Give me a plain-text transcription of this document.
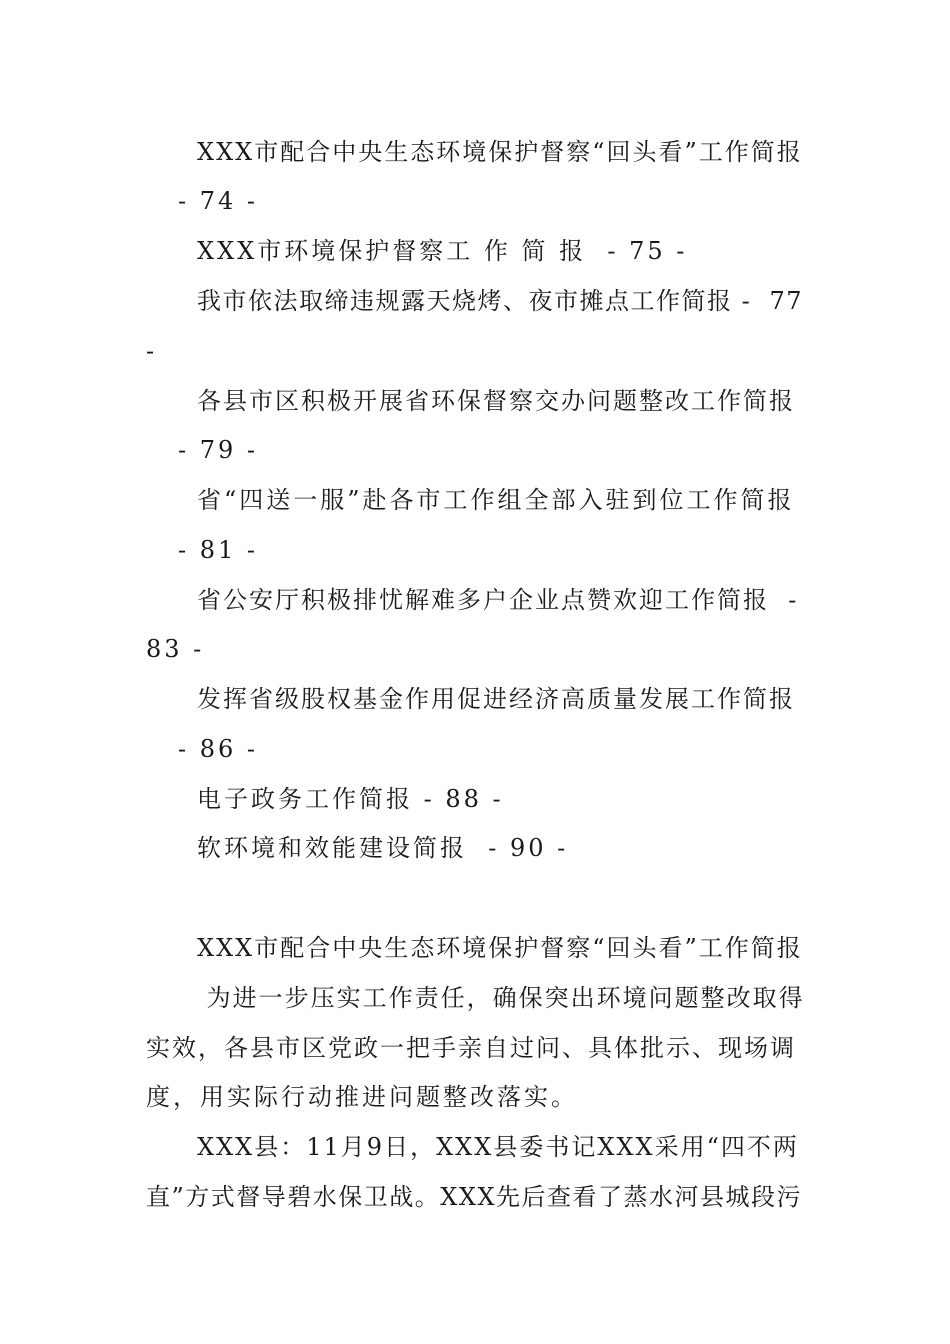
XXX市配合中央生态环境保护督察“回头看”工作简报
- 74 -
XXX市环境保护督察工 作 简 报  - 75 -
我市依法取缔违规露天烧烤、夜市摊点工作简报 -  77
-
各县市区积极开展省环保督察交办问题整改工作简报
- 79 -
省“四送一服”赴各市工作组全部入驻到位工作简报
- 81 -
省公安厅积极排忧解难多户企业点赞欢迎工作简报  -
83 -
发挥省级股权基金作用促进经济高质量发展工作简报
- 86 -
电子政务工作简报 - 88 -
软环境和效能建设简报  - 90 -
XXX市配合中央生态环境保护督察“回头看”工作简报
为进一步压实工作责任，确保突出环境问题整改取得
实效，各县市区党政一把手亲自过问、具体批示、现场调
度，用实际行动推进问题整改落实。
XXX县：11月9日，XXX县委书记XXX采用“四不两
直”方式督导碧水保卫战。XXX先后查看了蒸水河县城段污
